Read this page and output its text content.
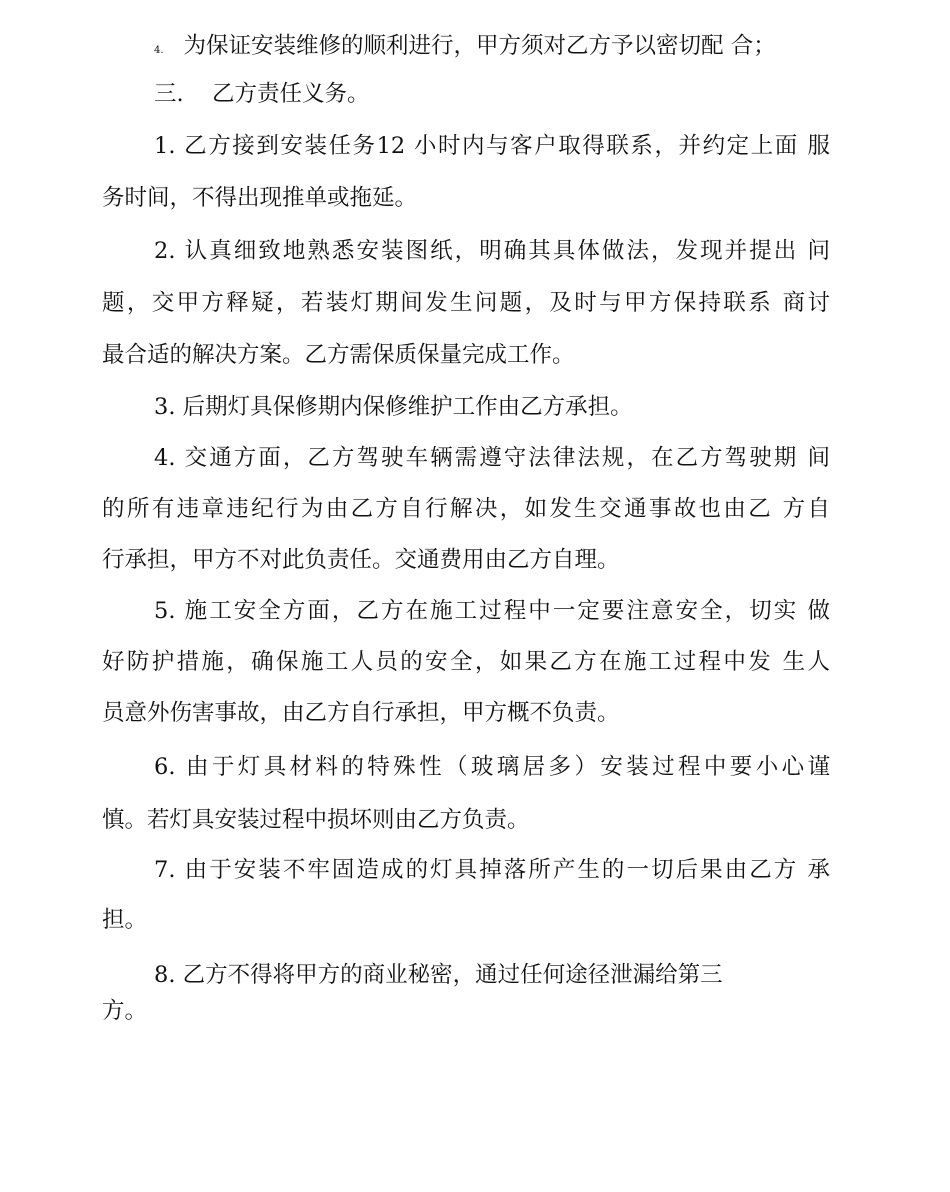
4. 为保证安装维修的顺利进行，甲方须对乙方予以密切配 合；
三. 乙方责任义务。
1. 乙方接到安装任务12 小时内与客户取得联系，并约定上面 服
务时间，不得出现推单或拖延。
2. 认真细致地熟悉安装图纸，明确其具体做法，发现并提出 问
题，交甲方释疑，若装灯期间发生问题，及时与甲方保持联系 商讨
最合适的解决方案。乙方需保质保量完成工作。
3. 后期灯具保修期内保修维护工作由乙方承担。
4. 交通方面，乙方驾驶车辆需遵守法律法规，在乙方驾驶期 间
的所有违章违纪行为由乙方自行解决，如发生交通事故也由乙 方自
行承担，甲方不对此负责任。交通费用由乙方自理。
5. 施工安全方面，乙方在施工过程中一定要注意安全，切实 做
好防护措施，确保施工人员的安全，如果乙方在施工过程中发 生人
员意外伤害事故，由乙方自行承担，甲方概不负责。
6. 由于灯具材料的特殊性（玻璃居多）安装过程中要小心谨
慎。若灯具安装过程中损坏则由乙方负责。
7. 由于安装不牢固造成的灯具掉落所产生的一切后果由乙方 承
担。
8. 乙方不得将甲方的商业秘密，通过任何途径泄漏给第三
方。
